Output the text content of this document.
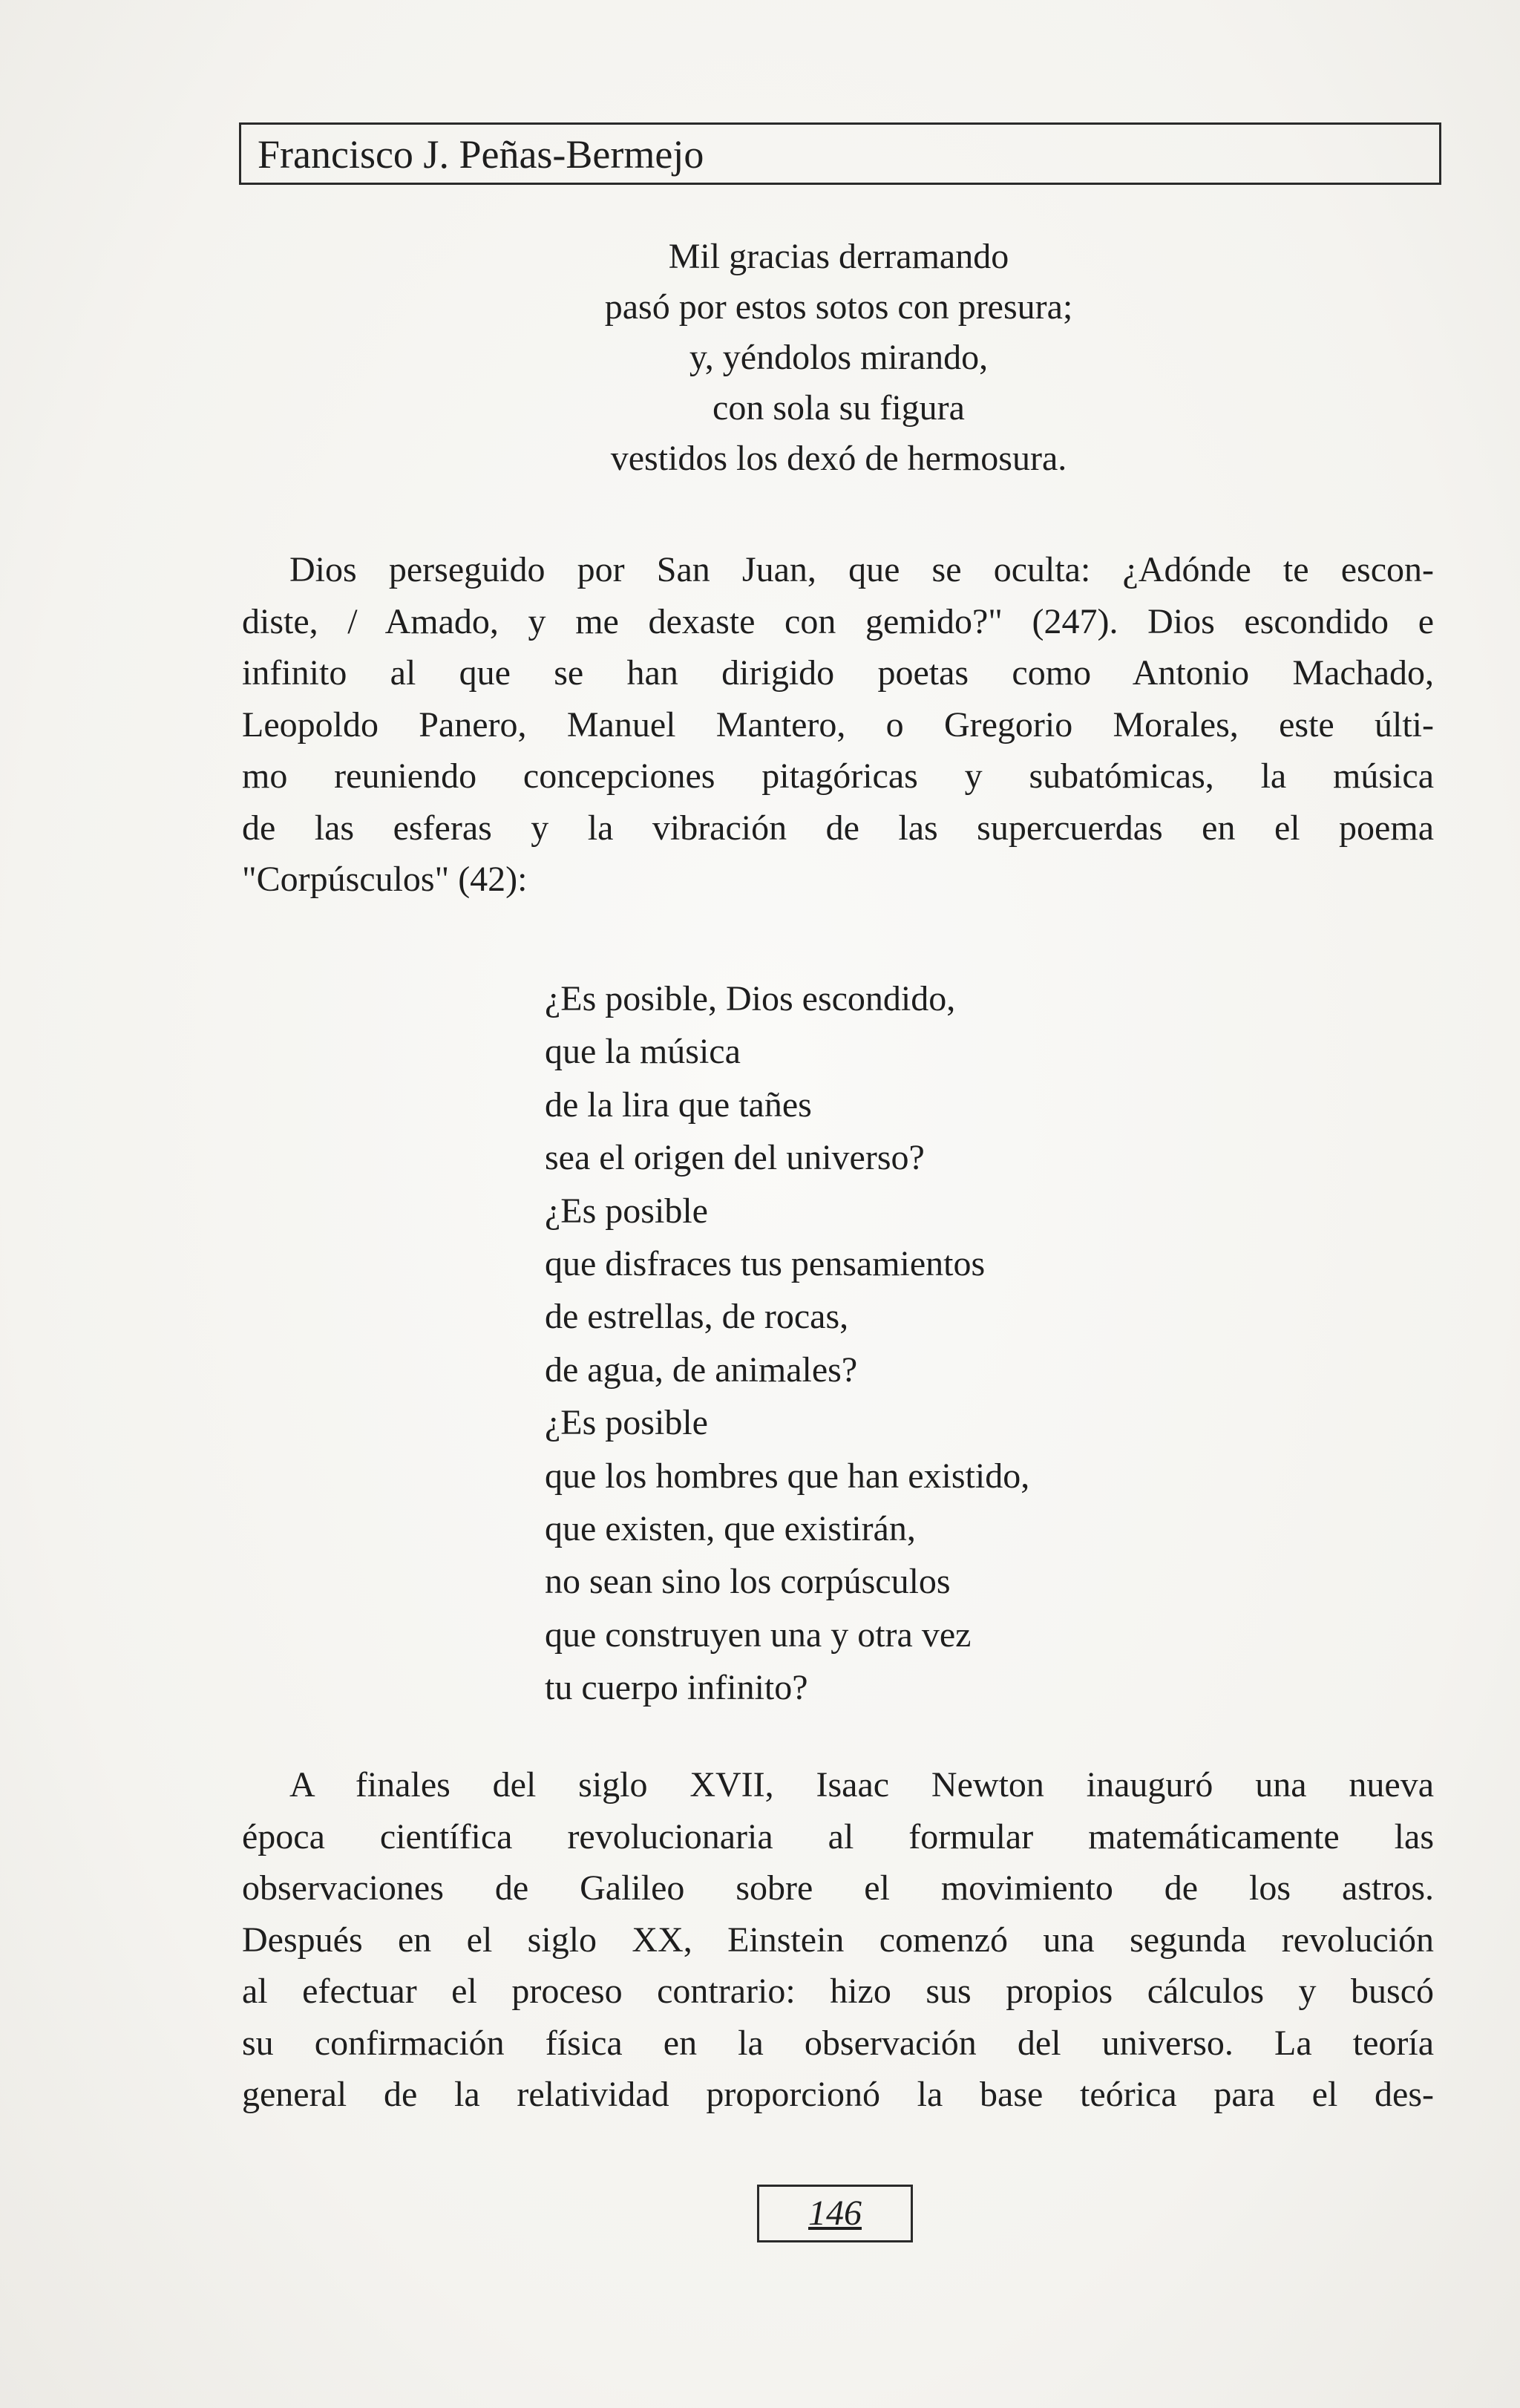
Francisco J. Peñas-Bermejo
Mil gracias derramando
pasó por estos sotos con presura;
y, yéndolos mirando,
con sola su figura
vestidos los dexó de hermosura.
Dios perseguido por San Juan, que se oculta: ¿Adónde te escon-
diste, / Amado, y me dexaste con gemido?" (247). Dios escondido e
infinito al que se han dirigido poetas como Antonio Machado,
Leopoldo Panero, Manuel Mantero, o Gregorio Morales, este últi-
mo reuniendo concepciones pitagóricas y subatómicas, la música
de las esferas y la vibración de las supercuerdas en el poema
"Corpúsculos" (42):
¿Es posible, Dios escondido,
que la música
de la lira que tañes
sea el origen del universo?
¿Es posible
que disfraces tus pensamientos
de estrellas, de rocas,
de agua, de animales?
¿Es posible
que los hombres que han existido,
que existen, que existirán,
no sean sino los corpúsculos
que construyen una y otra vez
tu cuerpo infinito?
A finales del siglo XVII, Isaac Newton inauguró una nueva
época científica revolucionaria al formular matemáticamente las
observaciones de Galileo sobre el movimiento de los astros.
Después en el siglo XX, Einstein comenzó una segunda revolución
al efectuar el proceso contrario: hizo sus propios cálculos y buscó
su confirmación física en la observación del universo. La teoría
general de la relatividad proporcionó la base teórica para el des-
146
